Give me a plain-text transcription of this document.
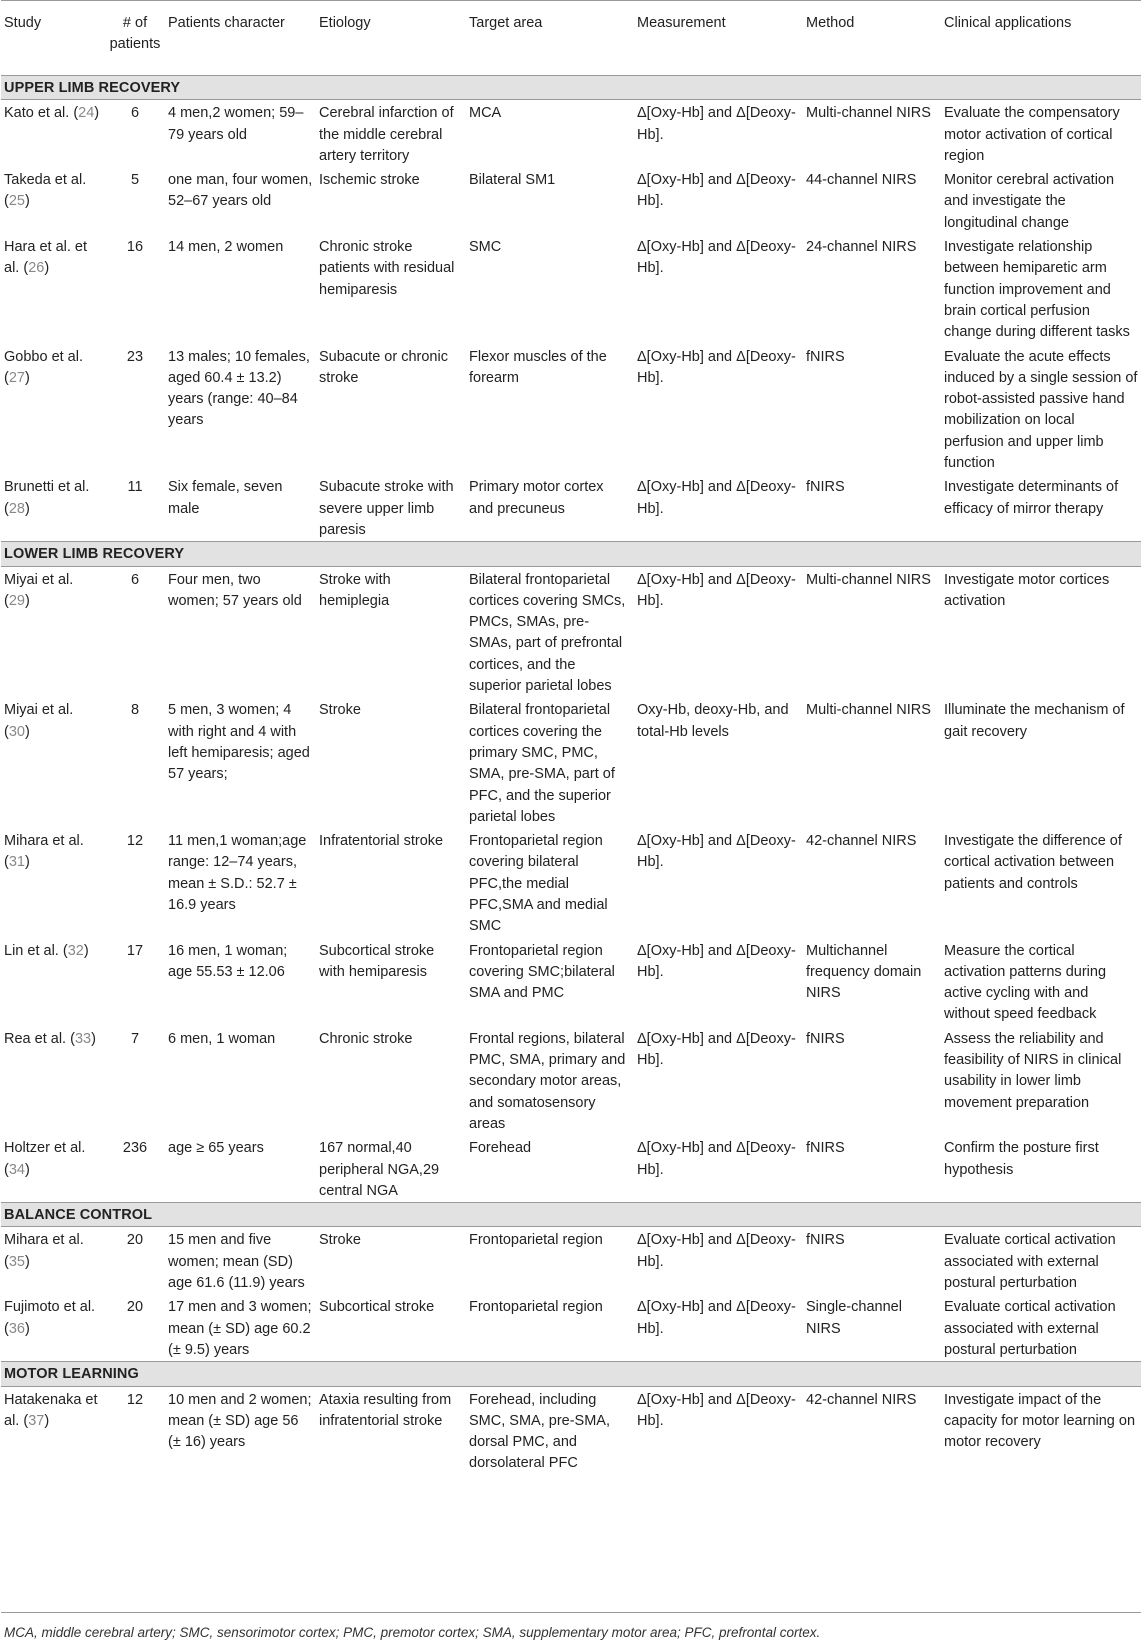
Study	# of patients	Patients character	Etiology	Target area	Measurement	Method	Clinical applications
UPPER LIMB RECOVERY							
Kato et al. (24)	6	4 men,2 women; 59–79 years old	Cerebral infarction of the middle cerebral artery territory	MCA	Δ[Oxy-Hb] and Δ[Deoxy-Hb].	Multi-channel NIRS	Evaluate the compensatory motor activation of cortical region
Takeda et al. (25)	5	one man, four women, 52–67 years old	Ischemic stroke	Bilateral SM1	Δ[Oxy-Hb] and Δ[Deoxy-Hb].	44-channel NIRS	Monitor cerebral activation and investigate the longitudinal change
Hara et al. et al. (26)	16	14 men, 2 women	Chronic stroke patients with residual hemiparesis	SMC	Δ[Oxy-Hb] and Δ[Deoxy-Hb].	24-channel NIRS	Investigate relationship between hemiparetic arm function improvement and brain cortical perfusion change during different tasks
Gobbo et al. (27)	23	13 males; 10 females, aged 60.4 ± 13.2) years (range: 40–84 years	Subacute or chronic stroke	Flexor muscles of the forearm	Δ[Oxy-Hb] and Δ[Deoxy-Hb].	fNIRS	Evaluate the acute effects induced by a single session of robot-assisted passive hand mobilization on local perfusion and upper limb function
Brunetti et al. (28)	11	Six female, seven male	Subacute stroke with severe upper limb paresis	Primary motor cortex and precuneus	Δ[Oxy-Hb] and Δ[Deoxy-Hb].	fNIRS	Investigate determinants of efficacy of mirror therapy
LOWER LIMB RECOVERY							
Miyai et al. (29)	6	Four men, two women; 57 years old	Stroke with hemiplegia	Bilateral frontoparietal cortices covering SMCs, PMCs, SMAs, pre-SMAs, part of prefrontal cortices, and the superior parietal lobes	Δ[Oxy-Hb] and Δ[Deoxy-Hb].	Multi-channel NIRS	Investigate motor cortices activation
Miyai et al. (30)	8	5 men, 3 women; 4 with right and 4 with left hemiparesis; aged 57 years;	Stroke	Bilateral frontoparietal cortices covering the primary SMC, PMC, SMA, pre-SMA, part of PFC, and the superior parietal lobes	Oxy-Hb, deoxy-Hb, and total-Hb levels	Multi-channel NIRS	Illuminate the mechanism of gait recovery
Mihara et al. (31)	12	11 men,1 woman;age range: 12–74 years, mean ± S.D.: 52.7 ± 16.9 years	Infratentorial stroke	Frontoparietal region covering bilateral PFC,the medial PFC,SMA and medial SMC	Δ[Oxy-Hb] and Δ[Deoxy-Hb].	42-channel NIRS	Investigate the difference of cortical activation between patients and controls
Lin et al. (32)	17	16 men, 1 woman; age 55.53 ± 12.06	Subcortical stroke with hemiparesis	Frontoparietal region covering SMC;bilateral SMA and PMC	Δ[Oxy-Hb] and Δ[Deoxy-Hb].	Multichannel frequency domain NIRS	Measure the cortical activation patterns during active cycling with and without speed feedback
Rea et al. (33)	7	6 men, 1 woman	Chronic stroke	Frontal regions, bilateral PMC, SMA, primary and secondary motor areas, and somatosensory areas	Δ[Oxy-Hb] and Δ[Deoxy-Hb].	fNIRS	Assess the reliability and feasibility of NIRS in clinical usability in lower limb movement preparation
Holtzer et al. (34)	236	age ≥ 65 years	167 normal,40 peripheral NGA,29 central NGA	Forehead	Δ[Oxy-Hb] and Δ[Deoxy-Hb].	fNIRS	Confirm the posture first hypothesis
BALANCE CONTROL							
Mihara et al. (35)	20	15 men and five women; mean (SD) age 61.6 (11.9) years	Stroke	Frontoparietal region	Δ[Oxy-Hb] and Δ[Deoxy-Hb].	fNIRS	Evaluate cortical activation associated with external postural perturbation
Fujimoto et al. (36)	20	17 men and 3 women; mean (± SD) age 60.2 (± 9.5) years	Subcortical stroke	Frontoparietal region	Δ[Oxy-Hb] and Δ[Deoxy-Hb].	Single-channel NIRS	Evaluate cortical activation associated with external postural perturbation
MOTOR LEARNING							
Hatakenaka et al. (37)	12	10 men and 2 women; mean (± SD) age 56 (± 16) years	Ataxia resulting from infratentorial stroke	Forehead, including SMC, SMA, pre-SMA, dorsal PMC, and dorsolateral PFC	Δ[Oxy-Hb] and Δ[Deoxy-Hb].	42-channel NIRS	Investigate impact of the capacity for motor learning on motor recovery
MCA, middle cerebral artery; SMC, sensorimotor cortex; PMC, premotor cortex; SMA, supplementary motor area; PFC, prefrontal cortex.
